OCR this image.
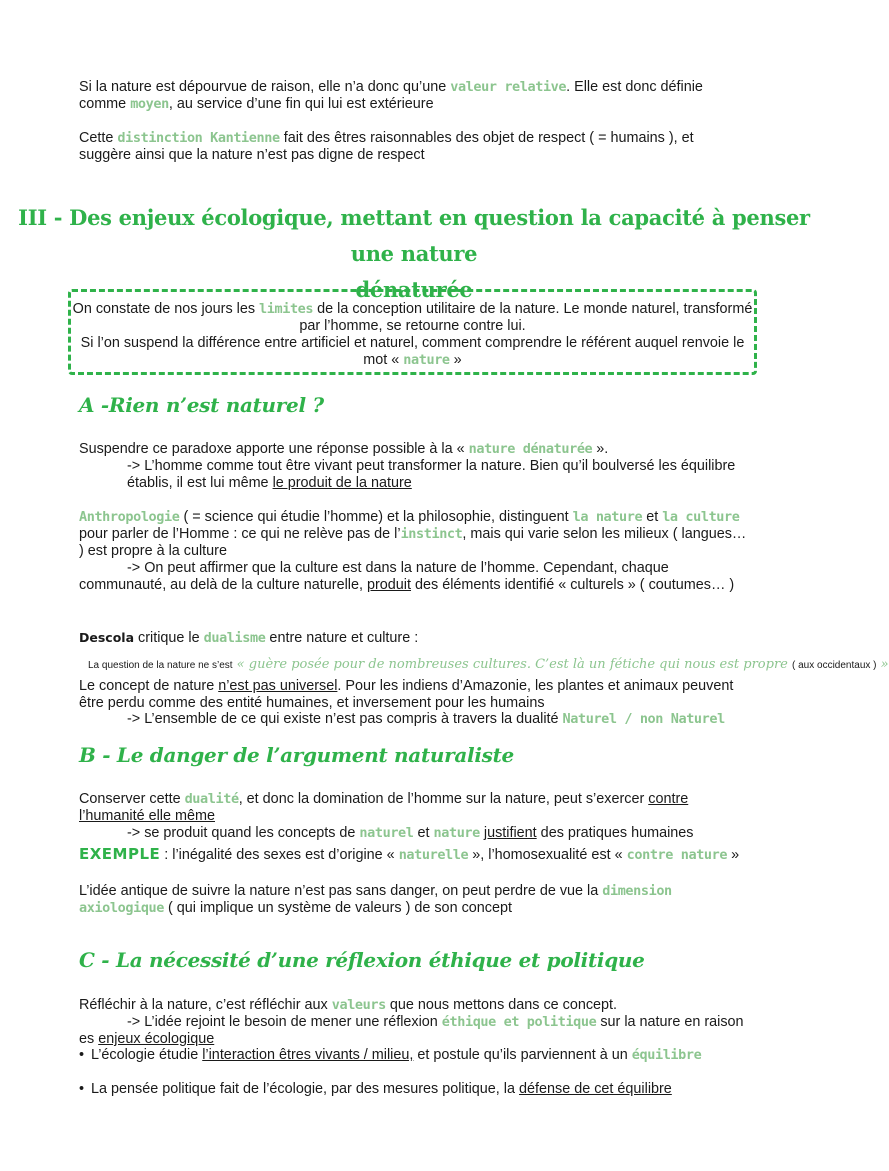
Si la nature est dépourvue de raison, elle n’a donc qu’une valeur relative. Elle est donc définie comme moyen, au service d’une fin qui lui est extérieure

Cette distinction Kantienne fait des êtres raisonnables des objet de respect ( = humains ), et suggère ainsi que la nature n’est pas digne de respect

III - Des enjeux écologique, mettant en question la capacité à penser une nature
dénaturée

On constate de nos jours les limites de la conception utilitaire de la nature. Le monde naturel, transformé par l’homme, se retourne contre lui.

Si l’on suspend la différence entre artificiel et naturel, comment comprendre le référent auquel renvoie le mot « nature »

A -Rien n’est naturel ?

Suspendre ce paradoxe apporte une réponse possible à la « nature dénaturée ».

-> L’homme comme tout être vivant peut transformer la nature. Bien qu’il boulversé les équilibre établis, il est lui même le produit de la nature

Anthropologie ( = science qui étudie l’homme) et la philosophie, distinguent la nature et la culture pour parler de l’Homme : ce qui ne relève pas de l’instinct, mais qui varie selon les milieux ( langues… ) est propre à la culture

-> On peut affirmer que la culture est dans la nature de l’homme. Cependant, chaque communauté, au delà de la culture naturelle, produit des éléments identifié « culturels » ( coutumes… )

Descola critique le dualisme entre nature et culture :

La question de la nature ne s’est « guère posée pour de nombreuses cultures. C’est là un fétiche qui nous est propre ( aux occidentaux ) »

Le concept de nature n’est pas universel. Pour les indiens d’Amazonie, les plantes et animaux peuvent être perdu comme des entité humaines, et inversement pour les humains

-> L’ensemble de ce qui existe n’est pas compris à travers la dualité Naturel / non Naturel

B - Le danger de l’argument naturaliste

Conserver cette dualité, et donc la domination de l’homme sur la nature, peut s’exercer contre l’humanité elle même

-> se produit quand les concepts de naturel et nature justifient des pratiques humaines

EXEMPLE : l’inégalité des sexes est d’origine « naturelle », l’homosexualité est « contre nature »

L’idée antique de suivre la nature n’est pas sans danger, on peut perdre de vue la dimension axiologique ( qui implique un système de valeurs ) de son concept

C - La nécessité d’une réflexion éthique et politique

Réfléchir à la nature, c’est réfléchir aux valeurs que nous mettons dans ce concept.

-> L’idée rejoint le besoin de mener une réflexion éthique et politique sur la nature en raison es enjeux écologique

• L’écologie étudie l’interaction êtres vivants / milieu, et postule qu’ils parviennent à un équilibre

• La pensée politique fait de l’écologie, par des mesures politique, la défense de cet équilibre
